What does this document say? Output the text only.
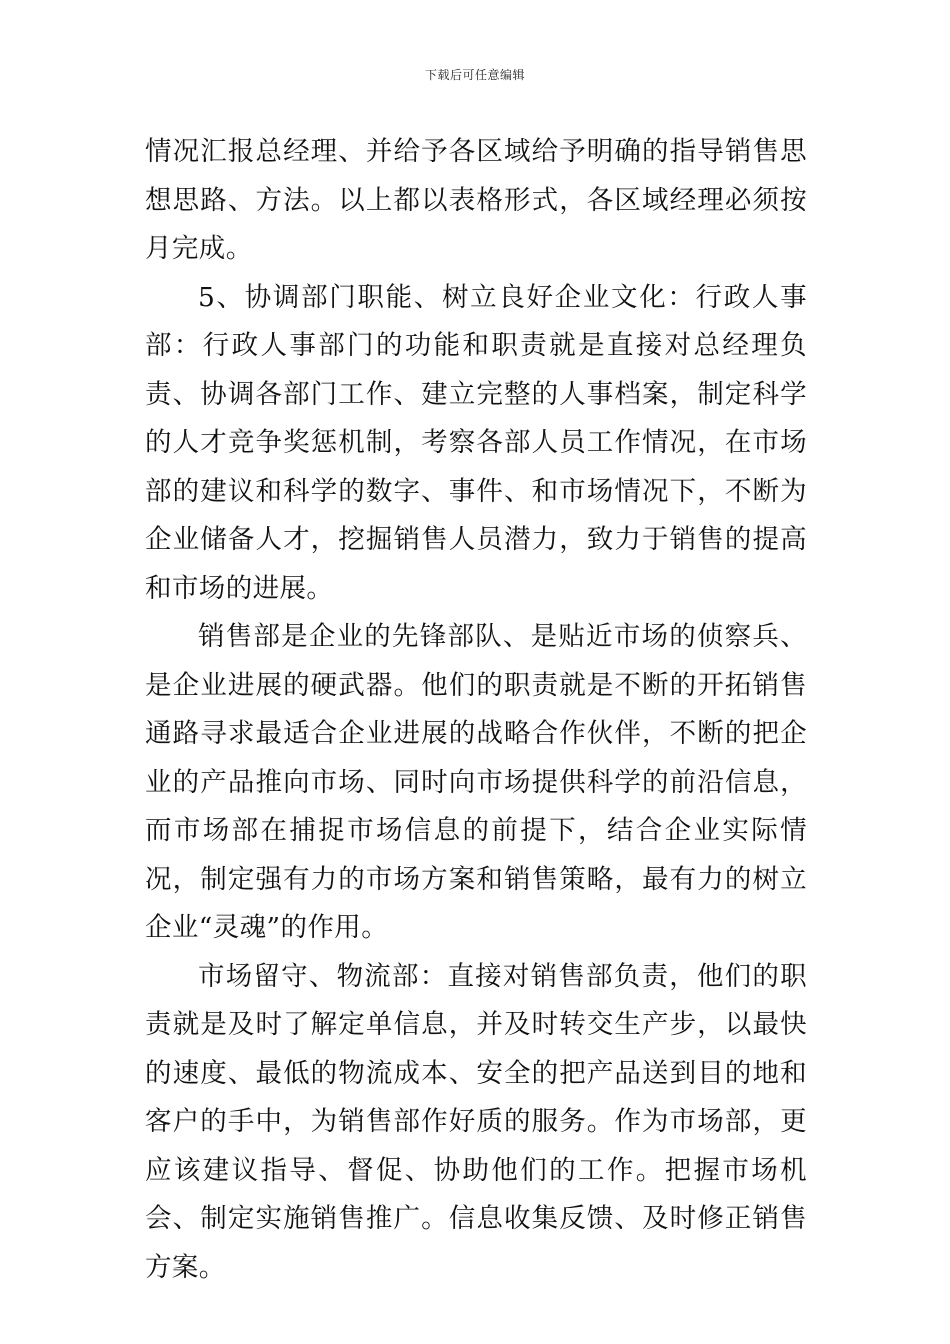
下载后可任意编辑

情况汇报总经理、并给予各区域给予明确的指导销售思想思路、方法。以上都以表格形式，各区域经理必须按月完成。

5、协调部门职能、树立良好企业文化：行政人事部：行政人事部门的功能和职责就是直接对总经理负责、协调各部门工作、建立完整的人事档案，制定科学的人才竞争奖惩机制，考察各部人员工作情况，在市场部的建议和科学的数字、事件、和市场情况下，不断为企业储备人才，挖掘销售人员潜力，致力于销售的提高和市场的进展。

销售部是企业的先锋部队、是贴近市场的侦察兵、是企业进展的硬武器。他们的职责就是不断的开拓销售通路寻求最适合企业进展的战略合作伙伴，不断的把企业的产品推向市场、同时向市场提供科学的前沿信息，而市场部在捕捉市场信息的前提下，结合企业实际情况，制定强有力的市场方案和销售策略，最有力的树立企业“灵魂”的作用。

市场留守、物流部：直接对销售部负责，他们的职责就是及时了解定单信息，并及时转交生产步，以最快的速度、最低的物流成本、安全的把产品送到目的地和客户的手中，为销售部作好质的服务。作为市场部，更应该建议指导、督促、协助他们的工作。把握市场机会、制定实施销售推广。信息收集反馈、及时修正销售方案。
